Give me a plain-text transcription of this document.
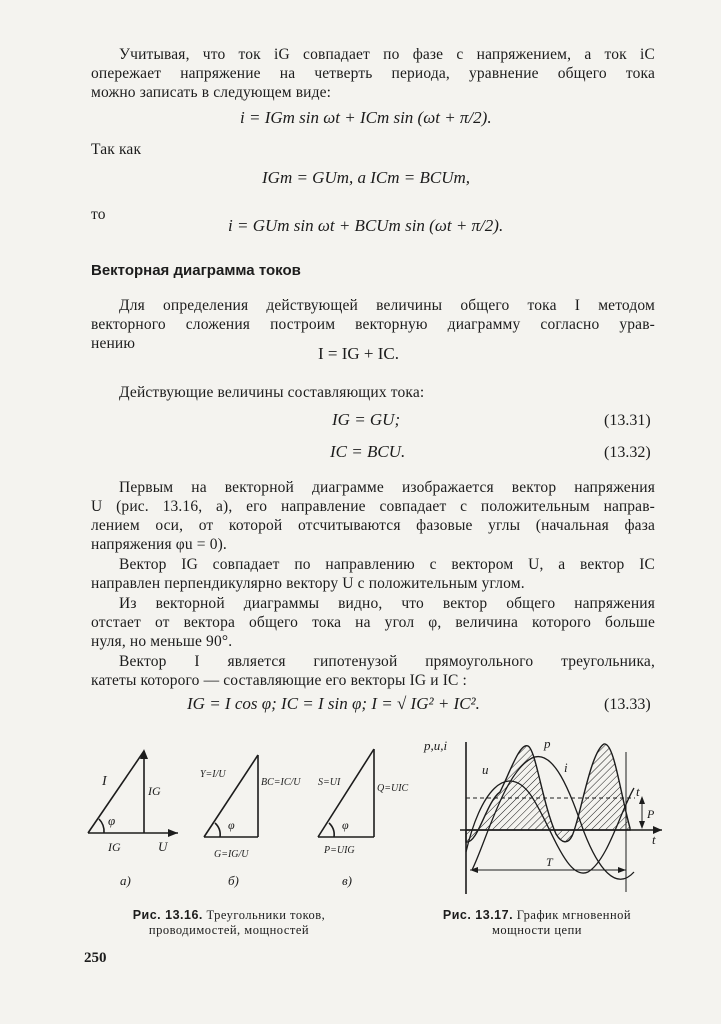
Учитывая, что ток iG совпадает по фазе с напряжением, а ток iC
опережает напряжение на четверть периода, уравнение общего тока
можно записать в следующем виде:
i = IGm sin ωt + ICm sin (ωt + π/2).
Так как
IGm = GUm, а ICm = BCUm,
то
i = GUm sin ωt + BCUm sin (ωt + π/2).
Векторная диаграмма токов
Для определения действующей величины общего тока I методом
векторного сложения построим векторную диаграмму согласно урав-
нению
I = IG + IC.
Действующие величины составляющих тока:
IG = GU;	(13.31)
IC = BCU.	(13.32)
Первым на векторной диаграмме изображается вектор напряжения
U (рис. 13.16, а), его направление совпадает с положительным направ-
лением оси, от которой отсчитываются фазовые углы (начальная фаза
напряжения φu = 0).
Вектор IG совпадает по направлению с вектором U, а вектор IC
направлен перпендикулярно вектору U с положительным углом.
Из векторной диаграммы видно, что вектор общего напряжения
отстает от вектора общего тока на угол φ, величина которого больше
нуля, но меньше 90°.
Вектор I является гипотенузой прямоугольного треугольника,
катеты которого — составляющие его векторы IG и IC :
IG = I cos φ; IC = I sin φ; I = √ IG² + IC².	(13.33)
I
IG
φ
IG	U
Y=I/U
BC=IC/U
φ
G=IG/U
S=UI
Q=UIC
φ
P=UIG
а)	б)	в)
p,u,i
u
p
i
t
P
t
T
Рис. 13.16. Треугольники токов,
проводимостей, мощностей
Рис. 13.17. График мгновенной
мощности цепи
250
